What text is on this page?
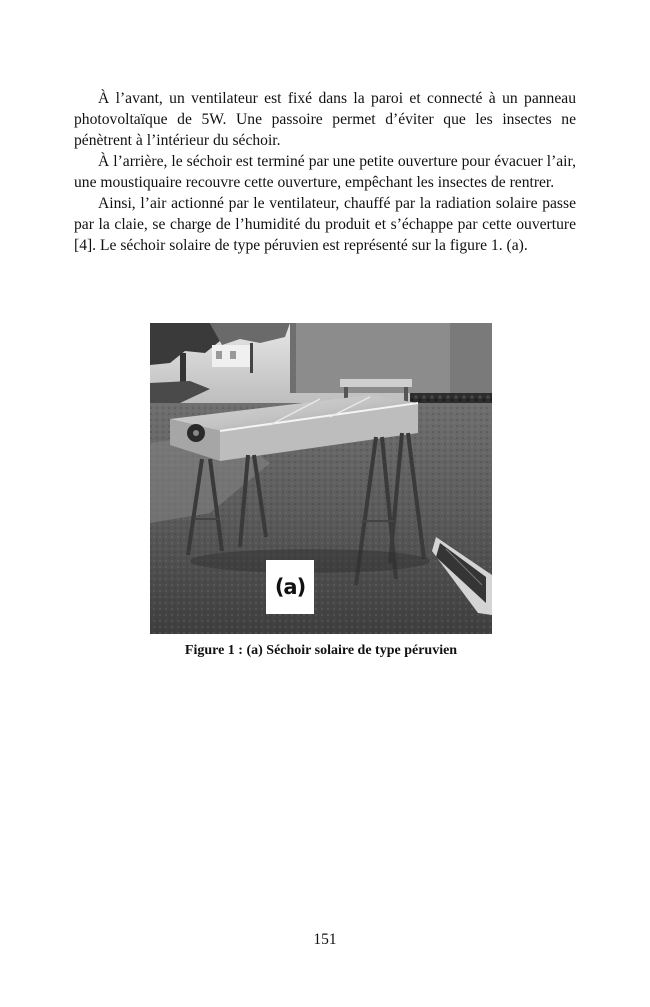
À l’avant, un ventilateur est fixé dans la paroi et connecté à un panneau photovoltaïque de 5W. Une passoire permet d’éviter que les insectes ne pénètrent à l’intérieur du séchoir.

À l’arrière, le séchoir est terminé par une petite ouverture pour évacuer l’air, une moustiquaire recouvre cette ouverture, empêchant les insectes de rentrer.

Ainsi, l’air actionné par le ventilateur, chauffé par la radiation solaire passe par la claie, se charge de l’humidité du produit et s’échappe par cette ouverture [4]. Le séchoir solaire de type péruvien est représenté sur la figure 1. (a).

(a)
Figure 1 : (a) Séchoir solaire de type péruvien
151
